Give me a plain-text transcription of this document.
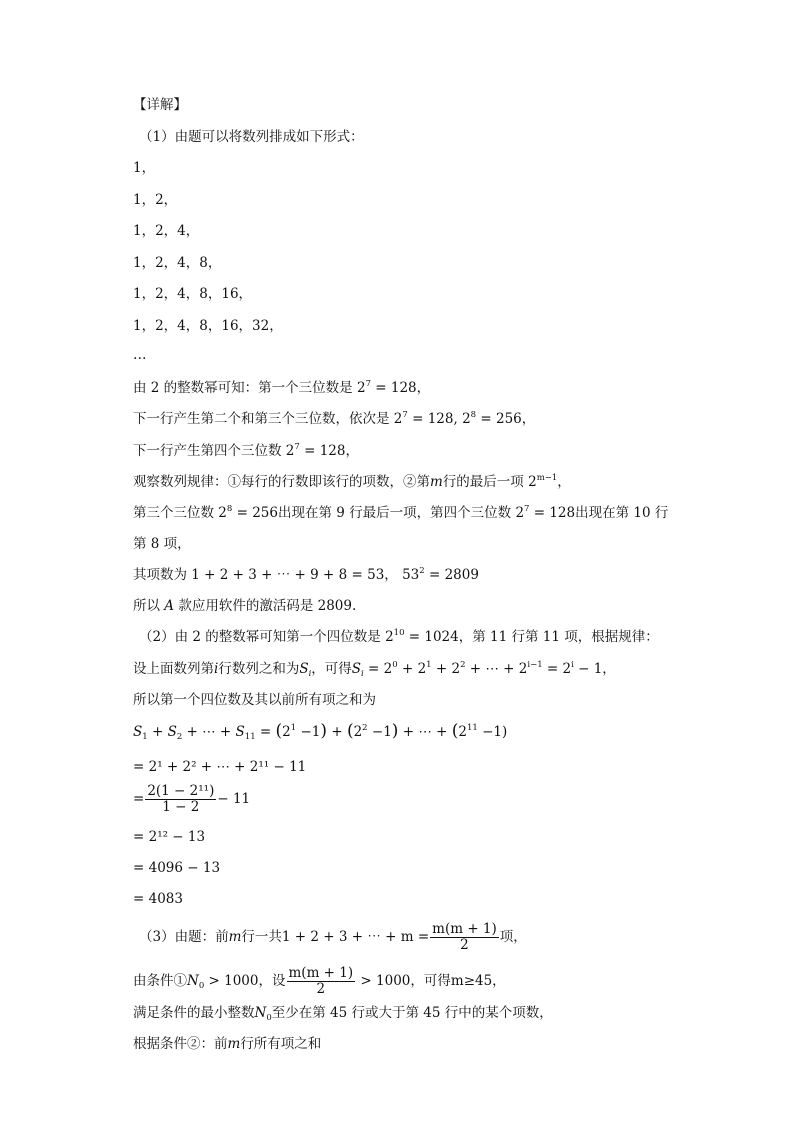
【详解】
（1）由题可以将数列排成如下形式：
1，
1，2，
1，2，4，
1，2，4，8，
1，2，4，8，16，
1，2，4，8，16，32，
…
由 2 的整数幂可知：第一个三位数是 $2^7 = 128$，
下一行产生第二个和第三个三位数，依次是 $2^7 = 128$, $2^8 = 256$，
下一行产生第四个三位数 $2^7 = 128$，
观察数列规律：①每行的行数即该行的项数，②第m行的最后一项 $2^{m-1}$，
第三个三位数 $2^8 = 256$出现在第 9 行最后一项，第四个三位数 $2^7 = 128$出现在第 10 行
第 8 项，
其项数为 1 + 2 + 3 + ⋯ + 9 + 8 = 53， $53^2 = 2809$
所以 A 款应用软件的激活码是 2809.
（2）由 2 的整数幂可知第一个四位数是 $2^{10} = 1024$，第 11 行第 11 项，根据规律：
设上面数列第i行数列之和为$S_i$，可得$S_i = 2^0 + 2^1 + 2^2$ + ⋯ + $2^{i-1} = 2^i - 1$，
所以第一个四位数及其以前所有项之和为
$S_1 + S_2$ + ⋯ + $S_{11} = (2^1 -1) + (2^2 -1)$ + ⋯ + $(2^{11} -1)$
= 2¹ + 2² + ⋯ + 2¹¹ − 11
= $\frac{\text{2(1 − 2¹¹)}}{1 - 2} - 11$
= 2¹² − 13
= 4096 − 13
= 4083
（3）由题：前m行一共1 + 2 + 3 + ⋯ + $m = \frac{m(m + 1)}{2}$ 项，
由条件$①N_0 > 1000$，设 $\frac{m(m + 1)}{2} > 1000$，可得m≥45，
满足条件的最小整数$N_0$至少在第 45 行或大于第 45 行中的某个项数，
根据条件②：前m行所有项之和
